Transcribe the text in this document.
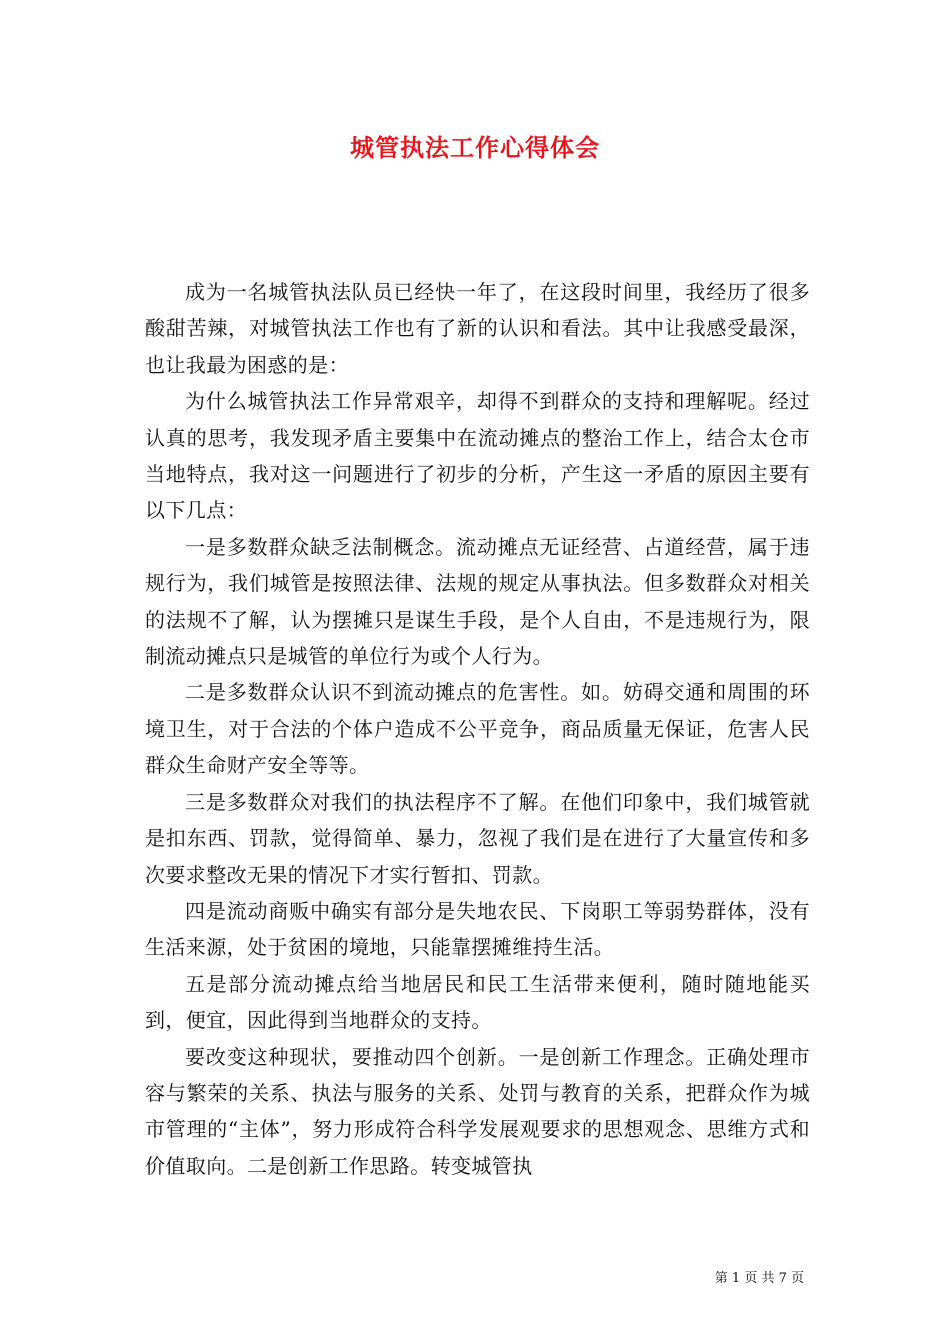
城管执法工作心得体会

成为一名城管执法队员已经快一年了，在这段时间里，我经历了很多酸甜苦辣，对城管执法工作也有了新的认识和看法。其中让我感受最深，也让我最为困惑的是：

为什么城管执法工作异常艰辛，却得不到群众的支持和理解呢。经过认真的思考，我发现矛盾主要集中在流动摊点的整治工作上，结合太仓市当地特点，我对这一问题进行了初步的分析，产生这一矛盾的原因主要有以下几点：

一是多数群众缺乏法制概念。流动摊点无证经营、占道经营，属于违规行为，我们城管是按照法律、法规的规定从事执法。但多数群众对相关的法规不了解，认为摆摊只是谋生手段，是个人自由，不是违规行为，限制流动摊点只是城管的单位行为或个人行为。

二是多数群众认识不到流动摊点的危害性。如。妨碍交通和周围的环境卫生，对于合法的个体户造成不公平竞争，商品质量无保证，危害人民群众生命财产安全等等。

三是多数群众对我们的执法程序不了解。在他们印象中，我们城管就是扣东西、罚款，觉得简单、暴力，忽视了我们是在进行了大量宣传和多次要求整改无果的情况下才实行暂扣、罚款。

四是流动商贩中确实有部分是失地农民、下岗职工等弱势群体，没有生活来源，处于贫困的境地，只能靠摆摊维持生活。

五是部分流动摊点给当地居民和民工生活带来便利，随时随地能买到，便宜，因此得到当地群众的支持。

要改变这种现状，要推动四个创新。一是创新工作理念。正确处理市容与繁荣的关系、执法与服务的关系、处罚与教育的关系，把群众作为城市管理的“主体”，努力形成符合科学发展观要求的思想观念、思维方式和价值取向。二是创新工作思路。转变城管执

第 1 页 共 7 页
